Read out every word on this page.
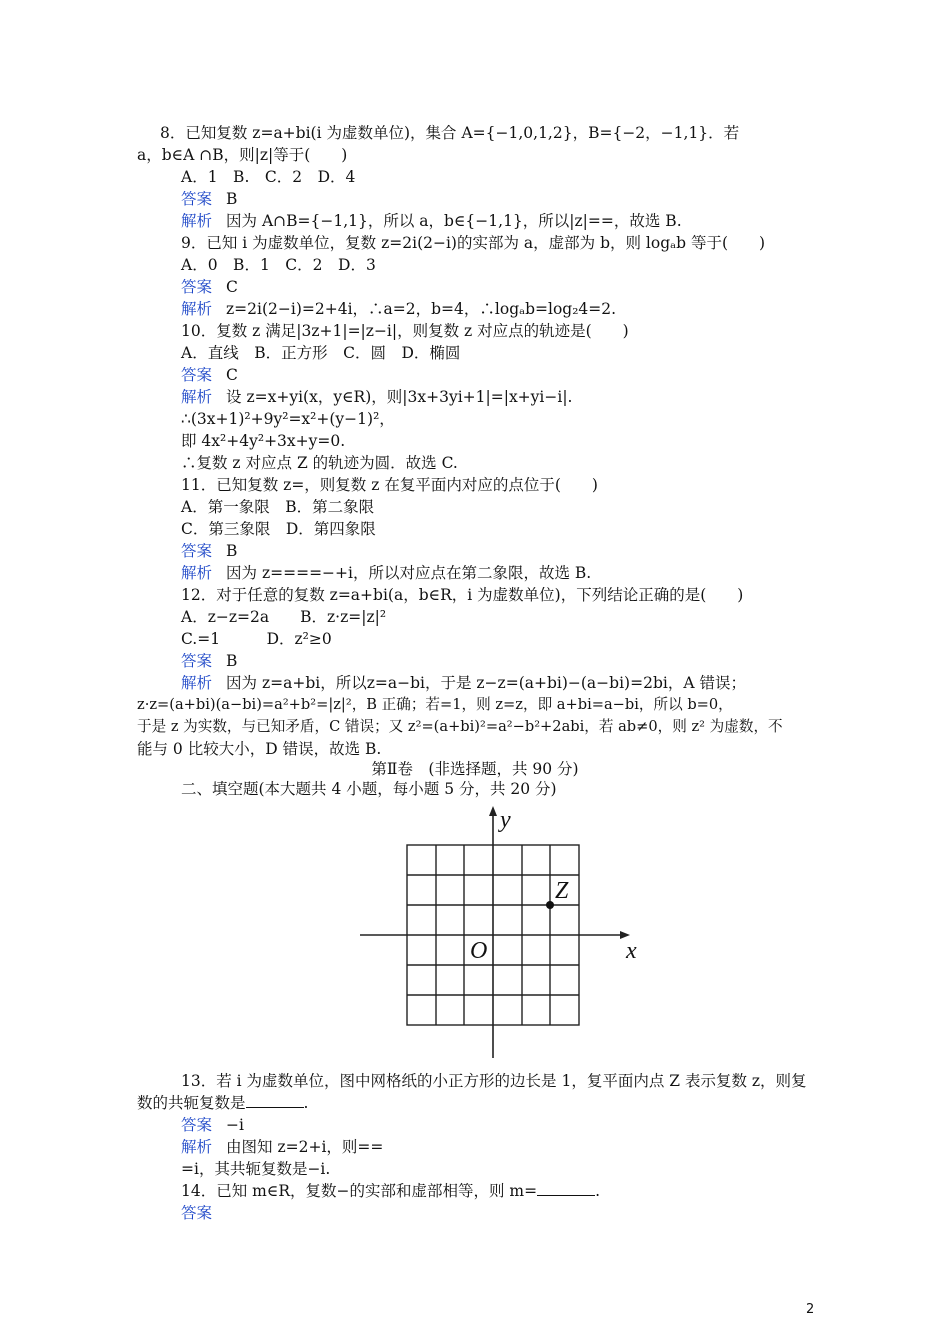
8．已知复数 z=a+bi(i 为虚数单位)，集合 A={−1,0,1,2}，B={−2，−1,1}．若
a，b∈A ∩B，则|z|等于(　　)
A．1　B.　C．2　D．4
答案 B
解析 因为 A∩B={−1,1}，所以 a，b∈{−1,1}，所以|z|==，故选 B.
9．已知 i 为虚数单位，复数 z=2i(2−i)的实部为 a，虚部为 b，则 logₐb 等于(　　)
A．0　B．1　C．2　D．3
答案 C
解析 z=2i(2−i)=2+4i，∴a=2，b=4，∴logₐb=log₂4=2.
10．复数 z 满足|3z+1|=|z−i|，则复数 z 对应点的轨迹是(　　)
A．直线　B．正方形　C．圆　D．椭圆
答案 C
解析 设 z=x+yi(x，y∈R)，则|3x+3yi+1|=|x+yi−i|.
∴(3x+1)²+9y²=x²+(y−1)²，
即 4x²+4y²+3x+y=0.
∴复数 z 对应点 Z 的轨迹为圆．故选 C.
11．已知复数 z=，则复数 z 在复平面内对应的点位于(　　)
A．第一象限　B．第二象限
C．第三象限　D．第四象限
答案 B
解析 因为 z====−+i，所以对应点在第二象限，故选 B.
12．对于任意的复数 z=a+bi(a，b∈R，i 为虚数单位)，下列结论正确的是(　　)
A．z−z=2a　　B．z·z=|z|²
C.=1　　　D．z²≥0
答案 B
解析 因为 z=a+bi，所以z=a−bi，于是 z−z=(a+bi)−(a−bi)=2bi，A 错误；
z·z=(a+bi)(a−bi)=a²+b²=|z|²，B 正确；若=1，则 z=z，即 a+bi=a−bi，所以 b=0，
于是 z 为实数，与已知矛盾，C 错误；又 z²=(a+bi)²=a²−b²+2abi，若 ab≠0，则 z² 为虚数，不
能与 0 比较大小，D 错误，故选 B.
第Ⅱ卷　(非选择题，共 90 分)
二、填空题(本大题共 4 小题，每小题 5 分，共 20 分)
y
x
O
Z
13．若 i 为虚数单位，图中网格纸的小正方形的边长是 1，复平面内点 Z 表示复数 z，则复
数的共轭复数是	.
答案 −i
解析 由图知 z=2+i，则==
=i，其共轭复数是−i.
14．已知 m∈R，复数−的实部和虚部相等，则 m=	.
答案
2
